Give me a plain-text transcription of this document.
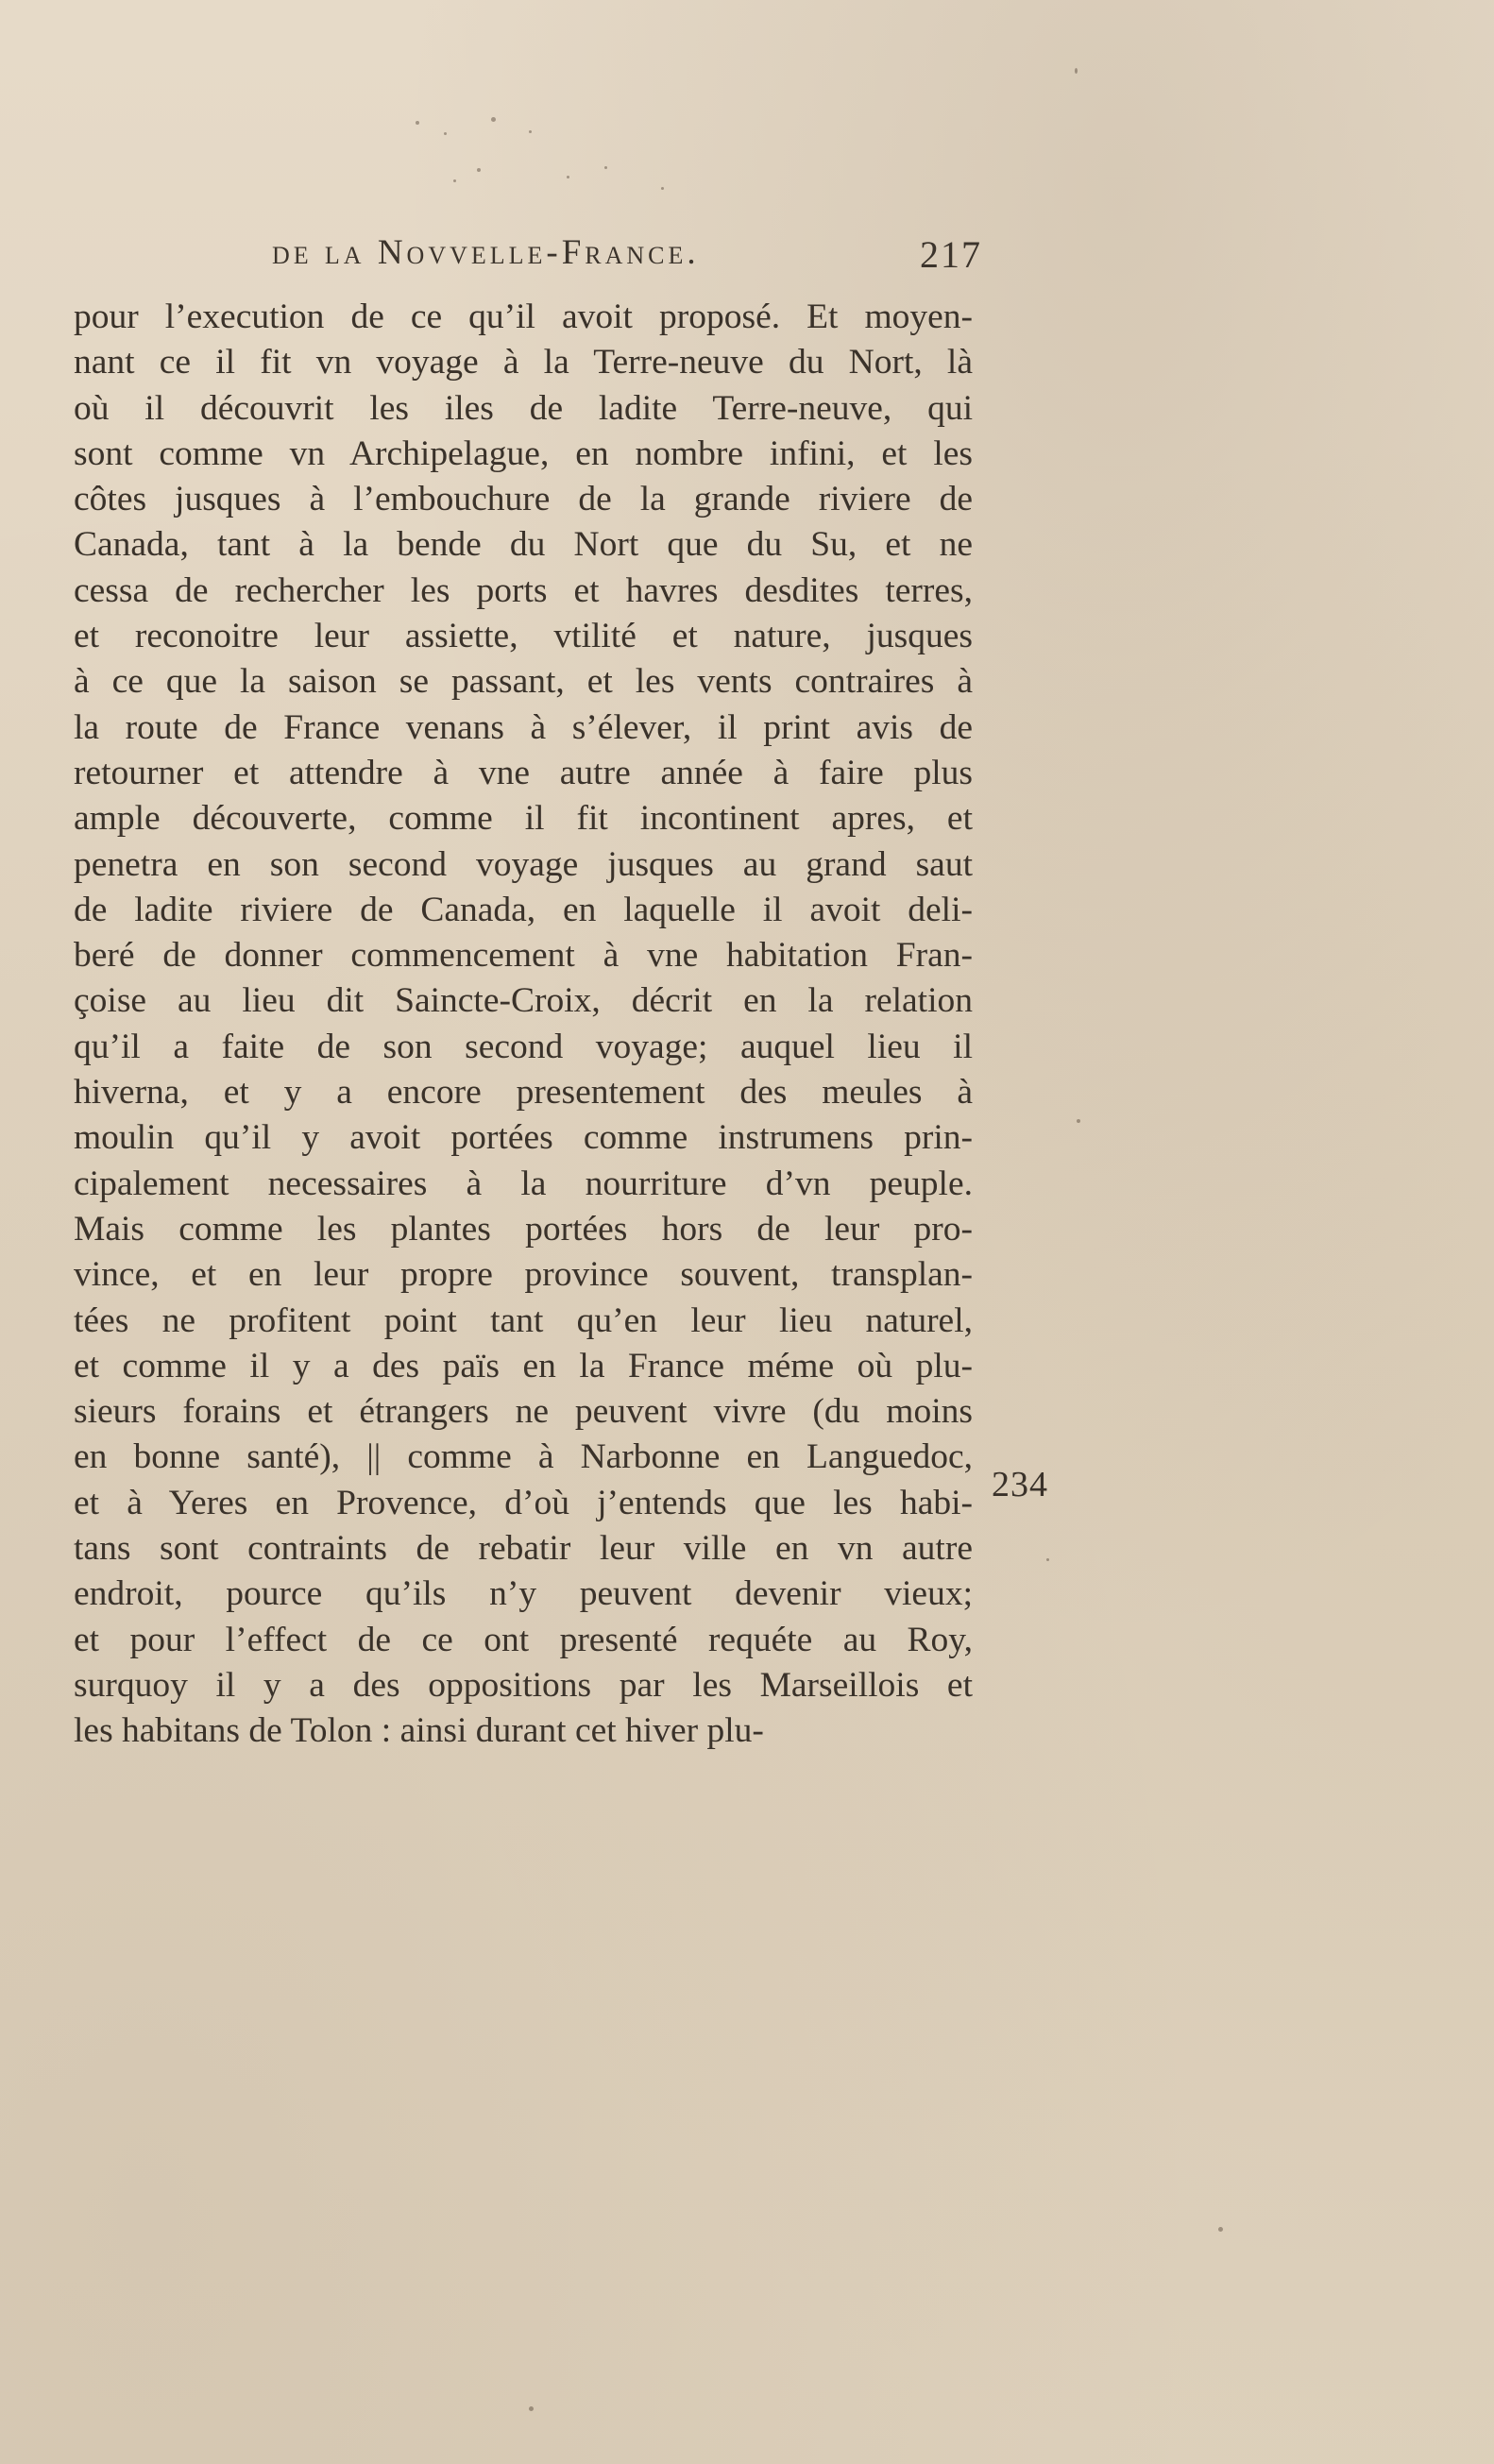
de la Novvelle-France.	217
pour l’execution de ce qu’il avoit proposé. Et moyen-
nant ce il fit vn voyage à la Terre-neuve du Nort, là
où il découvrit les iles de ladite Terre-neuve, qui
sont comme vn Archipelague, en nombre infini, et les
côtes jusques à l’embouchure de la grande riviere de
Canada, tant à la bende du Nort que du Su, et ne
cessa de rechercher les ports et havres desdites terres,
et reconoitre leur assiette, vtilité et nature, jusques
à ce que la saison se passant, et les vents contraires à
la route de France venans à s’élever, il print avis de
retourner et attendre à vne autre année à faire plus
ample découverte, comme il fit incontinent apres, et
penetra en son second voyage jusques au grand saut
de ladite riviere de Canada, en laquelle il avoit deli-
beré de donner commencement à vne habitation Fran-
çoise au lieu dit Saincte-Croix, décrit en la relation
qu’il a faite de son second voyage; auquel lieu il
hiverna, et y a encore presentement des meules à
moulin qu’il y avoit portées comme instrumens prin-
cipalement necessaires à la nourriture d’vn peuple.
Mais comme les plantes portées hors de leur pro-
vince, et en leur propre province souvent, transplan-
tées ne profitent point tant qu’en leur lieu naturel,
et comme il y a des païs en la France méme où plu-
sieurs forains et étrangers ne peuvent vivre (du moins
en bonne santé), || comme à Narbonne en Languedoc,
et à Yeres en Provence, d’où j’entends que les habi-
tans sont contraints de rebatir leur ville en vn autre
endroit, pource qu’ils n’y peuvent devenir vieux;
et pour l’effect de ce ont presenté requéte au Roy,
surquoy il y a des oppositions par les Marseillois et
les habitans de Tolon : ainsi durant cet hiver plu-
234
